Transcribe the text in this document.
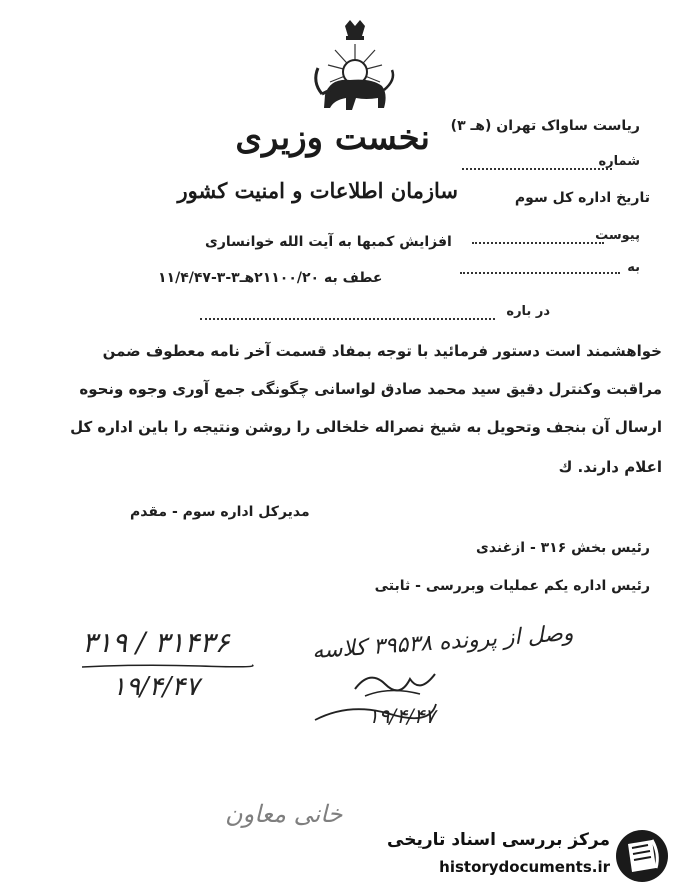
نخست وزیری
سازمان اطلاعات و امنیت کشور
ریاست ساواک تهران (هـ ۳)
شماره
تاریخ اداره کل سوم
پیوست
افزایش کمبها به آیت الله خوانساری
به
عطف به ۲۱۱۰۰/۲۰هـ۳-۳-۱۱/۴/۴۷
در باره
خواهشمند است دستور فرمائید با توجه بمفاد قسمت آخر نامه معطوف ضمن
مراقبت وکنترل دقیق سید محمد صادق لواسانی چگونگی جمع آوری وجوه ونحوه
ارسال آن بنجف وتحویل به شیخ نصراله خلخالی را روشن ونتیجه را باین اداره کل
اعلام دارند. ك
مدیرکل اداره سوم - مقدم
رئیس بخش ۳۱۶ - ازغندی
رئیس اداره یکم عملیات وبررسی - ثابتی
۳۱۹ / ۳۱۴۳۶
۱۹/۴/۴۷
وصل از پرونده ۳۹۵۳۸ کلاسه
۱۹/۴/۴۷
خانی معاون
مرکز بررسی اسناد تاریخی
historydocuments.ir
